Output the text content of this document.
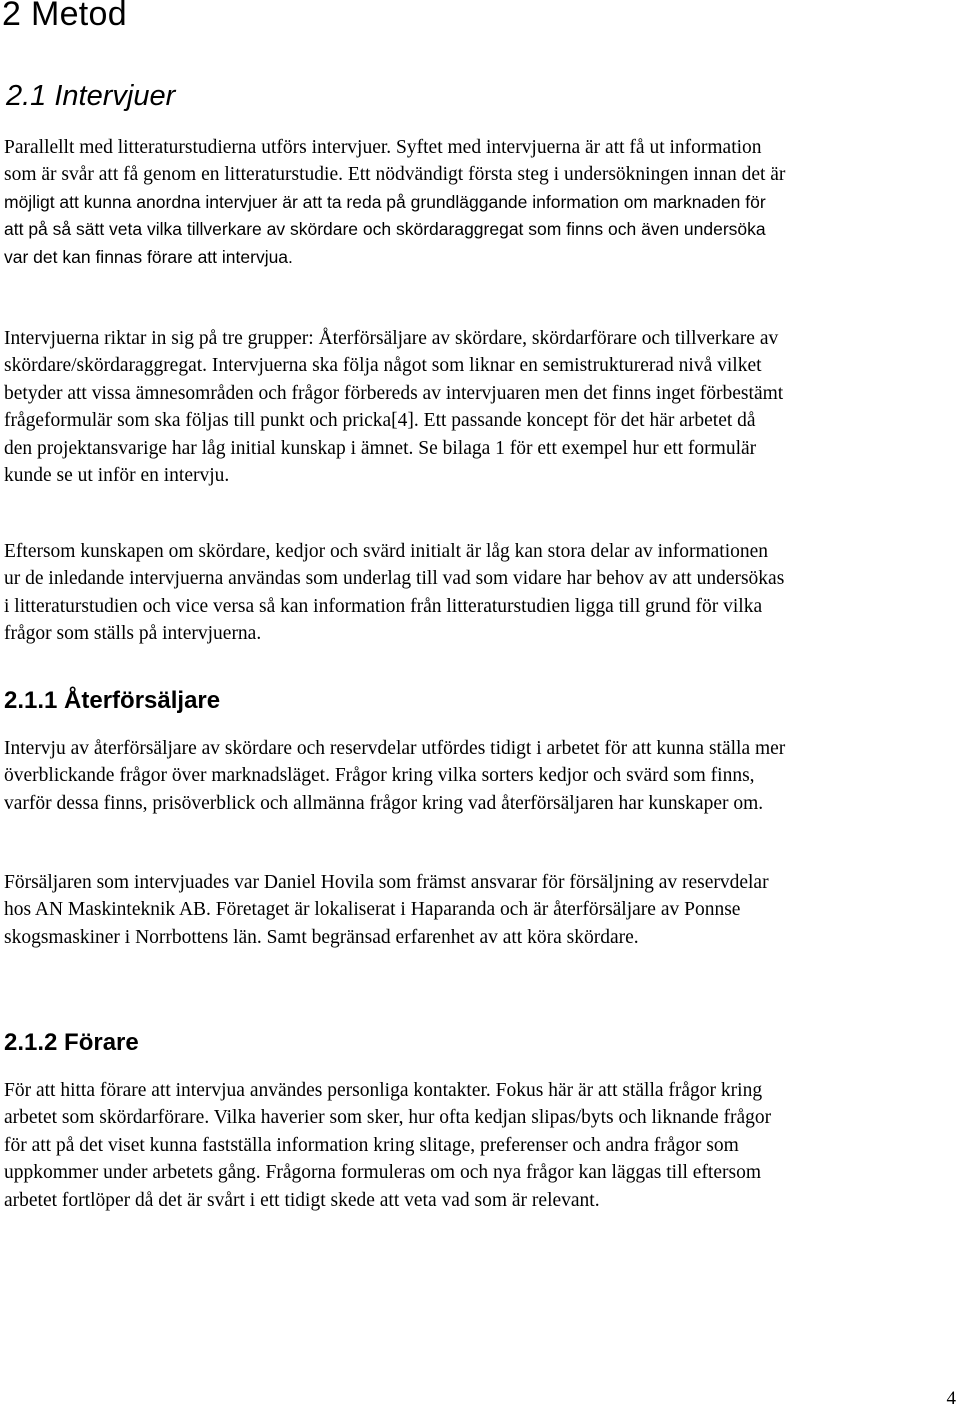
2 Metod
2.1 Intervjuer

Parallellt med litteraturstudierna utförs intervjuer. Syftet med intervjuerna är att få ut information
som är svår att få genom en litteraturstudie. Ett nödvändigt första steg i undersökningen innan det är
möjligt att kunna anordna intervjuer är att ta reda på grundläggande information om marknaden för
att på så sätt veta vilka tillverkare av skördare och skördaraggregat som finns och även undersöka
var det kan finnas förare att intervjua.

Intervjuerna riktar in sig på tre grupper: Återförsäljare av skördare, skördarförare och tillverkare av
skördare/skördaraggregat. Intervjuerna ska följa något som liknar en semistrukturerad nivå vilket
betyder att vissa ämnesområden och frågor förbereds av intervjuaren men det finns inget förbestämt
frågeformulär som ska följas till punkt och pricka[4]. Ett passande koncept för det här arbetet då
den projektansvarige har låg initial kunskap i ämnet. Se bilaga 1 för ett exempel hur ett formulär
kunde se ut inför en intervju.

Eftersom kunskapen om skördare, kedjor och svärd initialt är låg kan stora delar av informationen
ur de inledande intervjuerna användas som underlag till vad som vidare har behov av att undersökas
i litteraturstudien och vice versa så kan information från litteraturstudien ligga till grund för vilka
frågor som ställs på intervjuerna.

2.1.1 Återförsäljare

Intervju av återförsäljare av skördare och reservdelar utfördes tidigt i arbetet för att kunna ställa mer
överblickande frågor över marknadsläget. Frågor kring vilka sorters kedjor och svärd som finns,
varför dessa finns, prisöverblick och allmänna frågor kring vad återförsäljaren har kunskaper om.

Försäljaren som intervjuades var Daniel Hovila som främst ansvarar för försäljning av reservdelar
hos AN Maskinteknik AB. Företaget är lokaliserat i Haparanda och är återförsäljare av Ponnse
skogsmaskiner i Norrbottens län. Samt begränsad erfarenhet av att köra skördare.

2.1.2 Förare

För att hitta förare att intervjua användes personliga kontakter. Fokus här är att ställa frågor kring
arbetet som skördarförare. Vilka haverier som sker, hur ofta kedjan slipas/byts och liknande frågor
för att på det viset kunna fastställa information kring slitage, preferenser och andra frågor som
uppkommer under arbetets gång. Frågorna formuleras om och nya frågor kan läggas till eftersom
arbetet fortlöper då det är svårt i ett tidigt skede att veta vad som är relevant.

4
